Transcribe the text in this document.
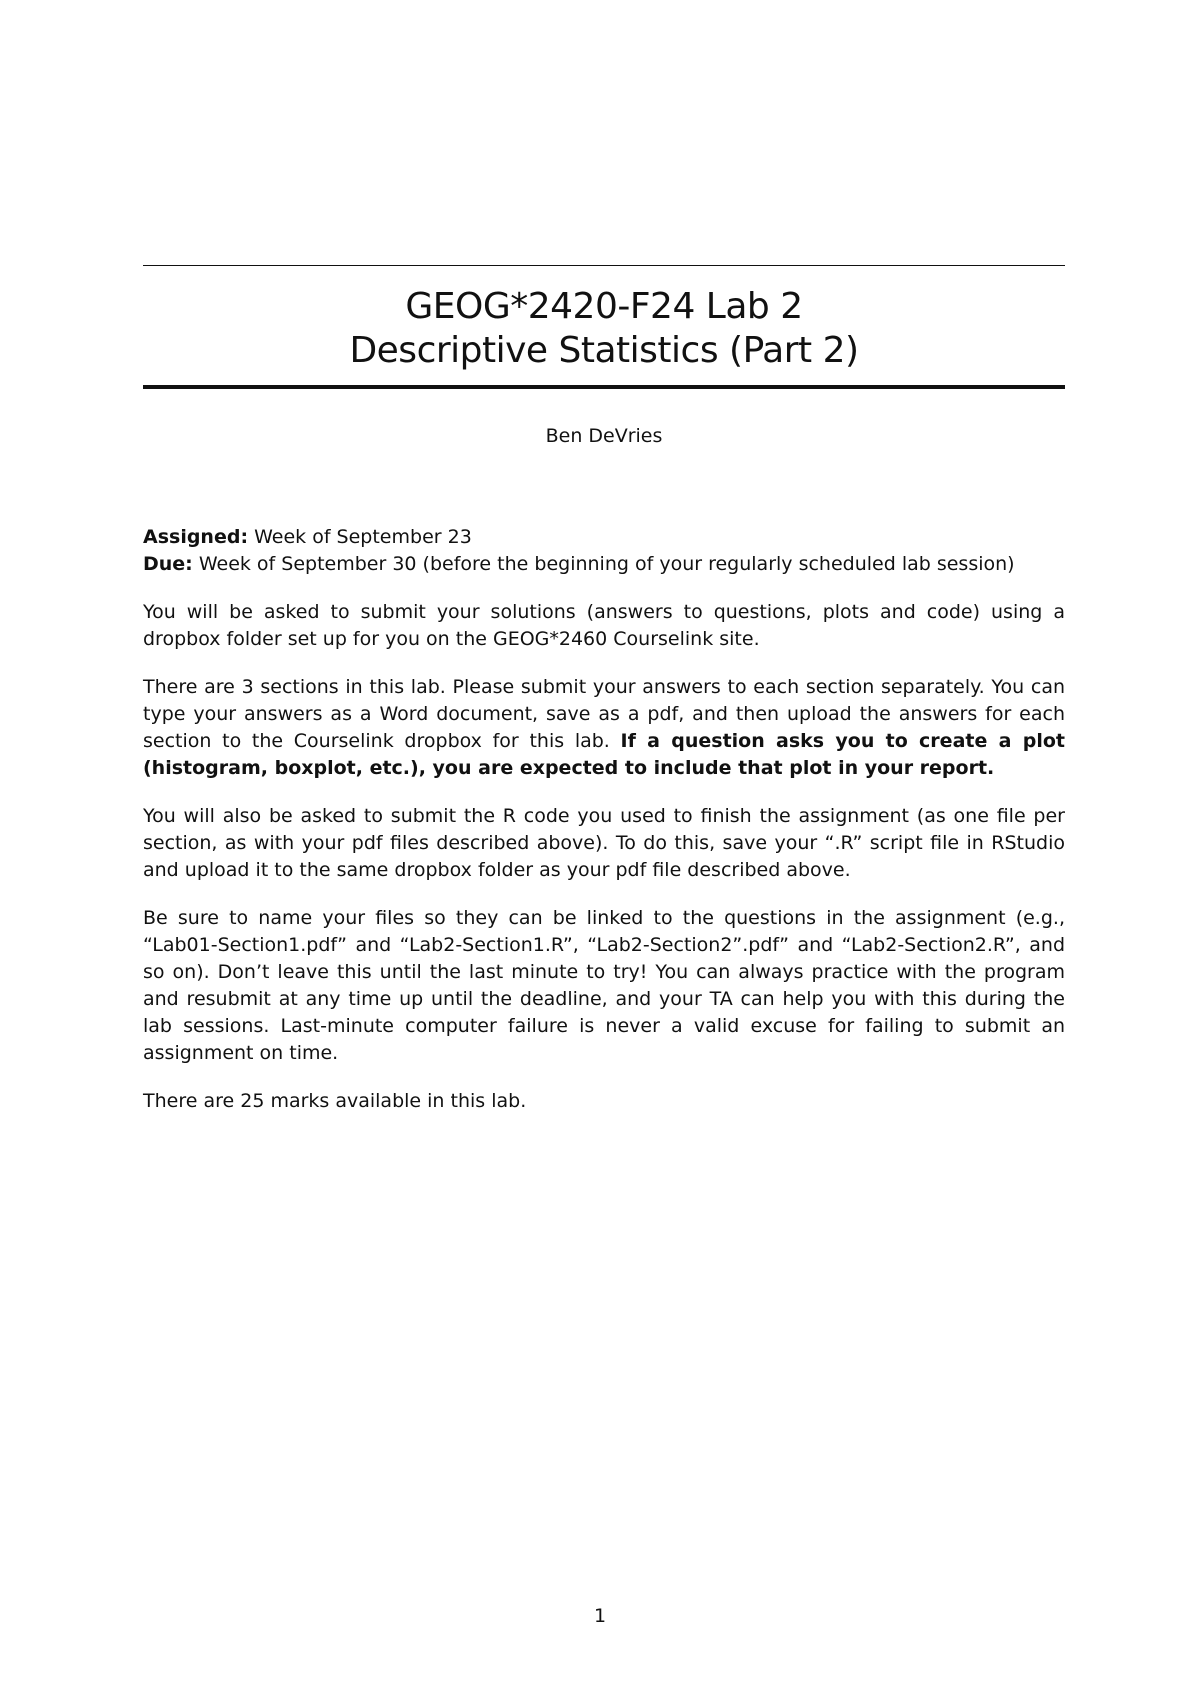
GEOG*2420-F24 Lab 2
Descriptive Statistics (Part 2)
Ben DeVries
Assigned: Week of September 23
Due: Week of September 30 (before the beginning of your regularly scheduled lab session)

You will be asked to submit your solutions (answers to questions, plots and code) using a dropbox folder set up for you on the GEOG*2460 Courselink site.

There are 3 sections in this lab. Please submit your answers to each section separately. You can type your answers as a Word document, save as a pdf, and then upload the answers for each section to the Courselink dropbox for this lab. If a question asks you to create a plot (histogram, boxplot, etc.), you are expected to include that plot in your report.

You will also be asked to submit the R code you used to finish the assignment (as one file per section, as with your pdf files described above). To do this, save your “.R” script file in RStudio and upload it to the same dropbox folder as your pdf file described above.

Be sure to name your files so they can be linked to the questions in the assignment (e.g., “Lab01-Section1.pdf” and “Lab2-Section1.R”, “Lab2-Section2”.pdf” and “Lab2-Section2.R”, and so on). Don’t leave this until the last minute to try! You can always practice with the program and resubmit at any time up until the deadline, and your TA can help you with this during the lab sessions. Last-minute computer failure is never a valid excuse for failing to submit an assignment on time.

There are 25 marks available in this lab.

1
